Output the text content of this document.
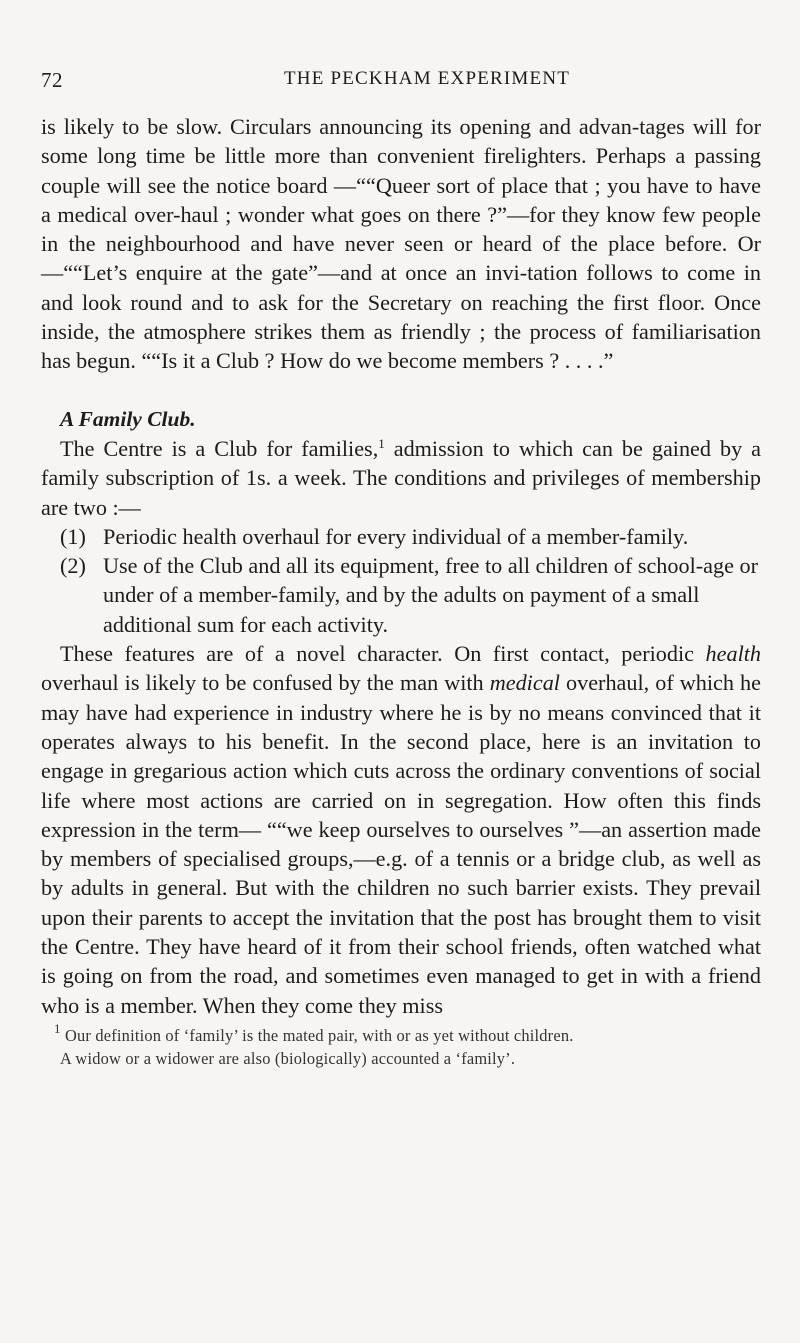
72	THE PECKHAM EXPERIMENT

is likely to be slow. Circulars announcing its opening and advan-tages will for some long time be little more than convenient firelighters. Perhaps a passing couple will see the notice board —““Queer sort of place that ; you have to have a medical over-haul ; wonder what goes on there ?”—for they know few people in the neighbourhood and have never seen or heard of the place before. Or—““Let’s enquire at the gate”—and at once an invi-tation follows to come in and look round and to ask for the Secretary on reaching the first floor. Once inside, the atmosphere strikes them as friendly ; the process of familiarisation has begun. ““Is it a Club ? How do we become members ? . . . .”

A Family Club.

The Centre is a Club for families,$^1$ admission to which can be gained by a family subscription of 1s. a week. The conditions and privileges of membership are two :—

(1) Periodic health overhaul for every individual of a member-family.
(2) Use of the Club and all its equipment, free to all children of school-age or under of a member-family, and by the adults on payment of a small additional sum for each activity.

These features are of a novel character. On first contact, periodic health overhaul is likely to be confused by the man with medical overhaul, of which he may have had experience in industry where he is by no means convinced that it operates always to his benefit. In the second place, here is an invitation to engage in gregarious action which cuts across the ordinary conventions of social life where most actions are carried on in segregation. How often this finds expression in the term— ““we keep ourselves to ourselves ”—an assertion made by members of specialised groups,—e.g. of a tennis or a bridge club, as well as by adults in general. But with the children no such barrier exists. They prevail upon their parents to accept the invitation that the post has brought them to visit the Centre. They have heard of it from their school friends, often watched what is going on from the road, and sometimes even managed to get in with a friend who is a member. When they come they miss

$^1$ Our definition of ‘family’ is the mated pair, with or as yet without children.

A widow or a widower are also (biologically) accounted a ‘family’.
